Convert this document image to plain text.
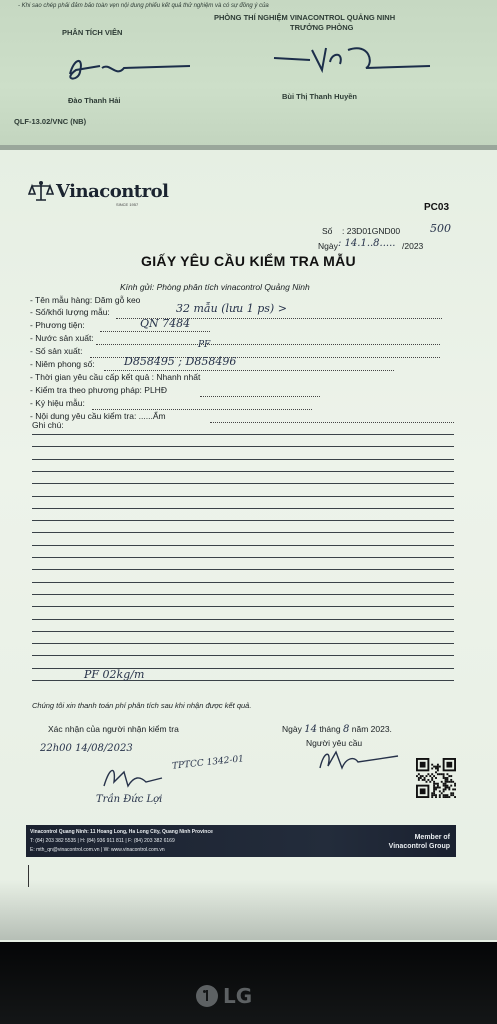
- Khi sao chép phải đảm bảo toàn vẹn nội dung phiếu kết quả thử nghiệm và có sự đồng ý của
PHÒNG THÍ NGHIỆM VINACONTROL QUẢNG NINH
TRƯỞNG PHÒNG
PHÂN TÍCH VIÊN
Đào Thanh Hải	Bùi Thị Thanh Huyền
QLF-13.02/VNC (NB)
Vinacontrol
SINCE 1957	PC03
Số : 23D01GND00	500
Ngày : 14.1..8..... /2023
GIẤY YÊU CẦU KIỂM TRA MẪU
Kính gửi: Phòng phân tích vinacontrol Quảng Ninh
- Tên mẫu hàng: Dăm gỗ keo
- Số/khối lượng mẫu:	32 mẫu (lưu 1 ps) >
- Phương tiện:	QN 7484
- Nước sản xuất:
- Số sản xuất:
PF
- Niêm phong số:	D858495 ; D858496
- Thời gian yêu cầu cấp kết quả : Nhanh nhất
- Kiểm tra theo phương pháp: PLHĐ
- Ký hiệu mẫu:
- Nội dung yêu cầu kiểm tra: ......Ẩm
Ghi chú:
PF 02kg/m
Chúng tôi xin thanh toán phí phân tích sau khi nhận được kết quả.
Xác nhận của người nhận kiểm tra	Ngày 14 tháng 8 năm 2023.
Người yêu cầu
22h00 14/08/2023
TPTCC 1342-01
Trần Đức Lợi
Vinacontrol Quang Ninh: 11 Hoang Long, Ha Long City, Quang Ninh Province
T: (84) 203 382 5535 | H: (84) 936 911 811 | F: (84) 203 382 6169
E: mth_qn@vinacontrol.com.vn | W: www.vinacontrol.com.vn
Member of
Vinacontrol Group
LG
